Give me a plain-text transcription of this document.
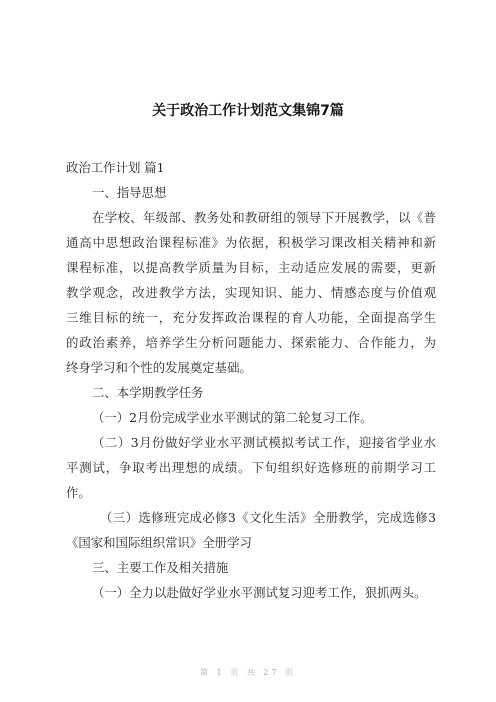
关于政治工作计划范文集锦7篇
政治工作计划 篇1
一、指导思想
在学校、年级部、教务处和教研组的领导下开展教学，以《普
通高中思想政治课程标准》为依据，积极学习课改相关精神和新
课程标准，以提高教学质量为目标，主动适应发展的需要，更新
教学观念，改进教学方法，实现知识、能力、情感态度与价值观
三维目标的统一，充分发挥政治课程的育人功能，全面提高学生
的政治素养，培养学生分析问题能力、探索能力、合作能力，为
终身学习和个性的发展奠定基础。
二、本学期教学任务
（一）2月份完成学业水平测试的第二轮复习工作。
（二）3月份做好学业水平测试模拟考试工作，迎接省学业水
平测试，争取考出理想的成绩。下旬组织好选修班的前期学习工
作。
（三）选修班完成必修3《文化生活》全册教学，完成选修3
《国家和国际组织常识》全册学习
三、主要工作及相关措施
（一）全力以赴做好学业水平测试复习迎考工作，狠抓两头。
第 1 页 共 27 页
